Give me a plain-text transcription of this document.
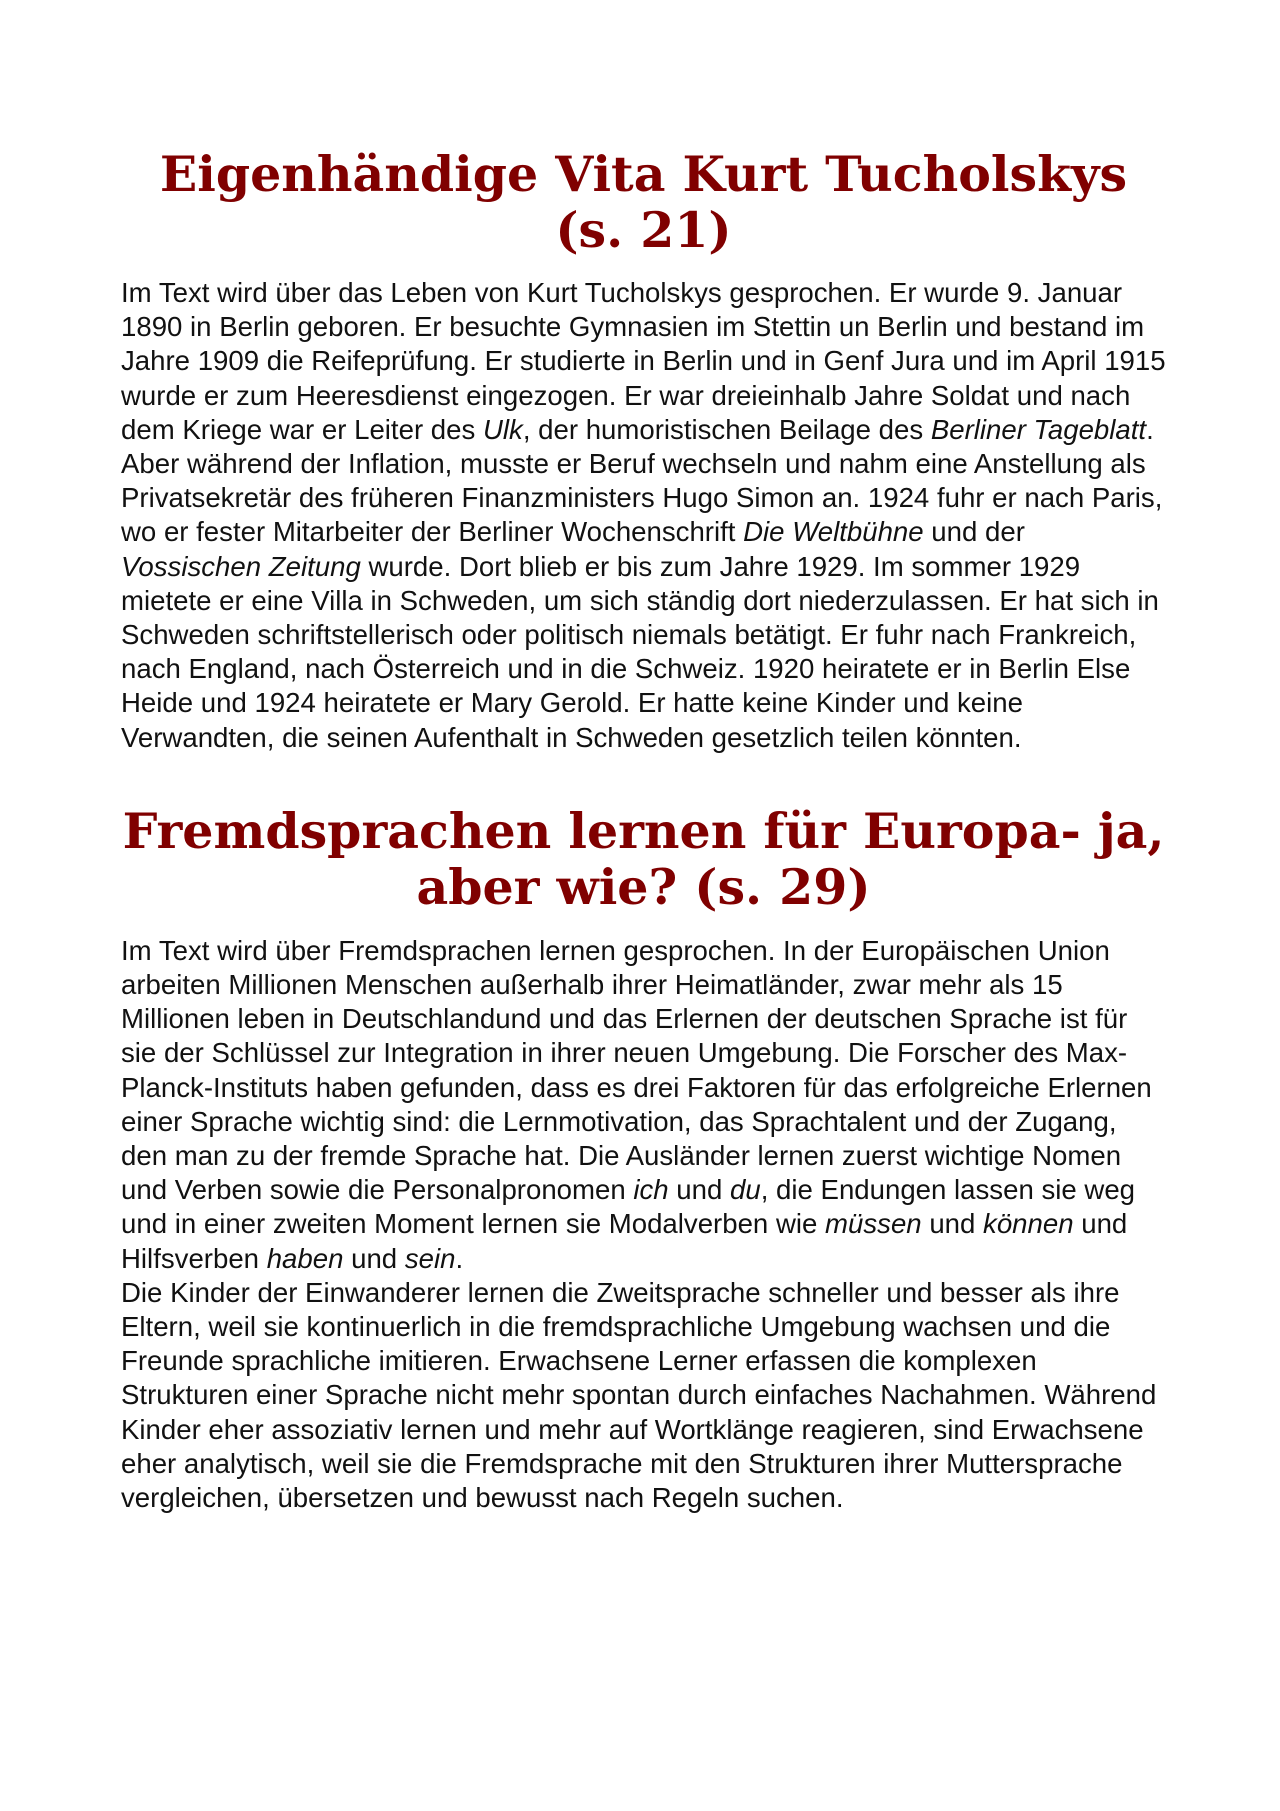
Eigenhändige Vita Kurt Tucholskys (s. 21)

Im Text wird über das Leben von Kurt Tucholskys gesprochen. Er wurde 9. Januar 1890 in Berlin geboren. Er besuchte Gymnasien im Stettin un Berlin und bestand im Jahre 1909 die Reifeprüfung. Er studierte in Berlin und in Genf Jura und im April 1915 wurde er zum Heeresdienst eingezogen. Er war dreieinhalb Jahre Soldat und nach dem Kriege war er Leiter des Ulk, der humoristischen Beilage des Berliner Tageblatt. Aber während der Inflation, musste er Beruf wechseln und nahm eine Anstellung als Privatsekretär des früheren Finanzministers Hugo Simon an. 1924 fuhr er nach Paris, wo er fester Mitarbeiter der Berliner Wochenschrift Die Weltbühne und der Vossischen Zeitung wurde. Dort blieb er bis zum Jahre 1929. Im sommer 1929 mietete er eine Villa in Schweden, um sich ständig dort niederzulassen. Er hat sich in Schweden schriftstellerisch oder politisch niemals betätigt. Er fuhr nach Frankreich, nach England, nach Österreich und in die Schweiz. 1920 heiratete er in Berlin Else Heide und 1924 heiratete er Mary Gerold. Er hatte keine Kinder und keine Verwandten, die seinen Aufenthalt in Schweden gesetzlich teilen könnten.

Fremdsprachen lernen für Europa- ja, aber wie? (s. 29)

Im Text wird über Fremdsprachen lernen gesprochen. In der Europäischen Union arbeiten Millionen Menschen außerhalb ihrer Heimatländer, zwar mehr als 15 Millionen leben in Deutschlandund und das Erlernen der deutschen Sprache ist für sie der Schlüssel zur Integration in ihrer neuen Umgebung. Die Forscher des Max-Planck-Instituts haben gefunden, dass es drei Faktoren für das erfolgreiche Erlernen einer Sprache wichtig sind: die Lernmotivation, das Sprachtalent und der Zugang, den man zu der fremde Sprache hat. Die Ausländer lernen zuerst wichtige Nomen und Verben sowie die Personalpronomen ich und du, die Endungen lassen sie weg und in einer zweiten Moment lernen sie Modalverben wie müssen und können und Hilfsverben haben und sein.

Die Kinder der Einwanderer lernen die Zweitsprache schneller und besser als ihre Eltern, weil sie kontinuerlich in die fremdsprachliche Umgebung wachsen und die Freunde sprachliche imitieren. Erwachsene Lerner erfassen die komplexen Strukturen einer Sprache nicht mehr spontan durch einfaches Nachahmen. Während Kinder eher assoziativ lernen und mehr auf Wortklänge reagieren, sind Erwachsene eher analytisch, weil sie die Fremdsprache mit den Strukturen ihrer Muttersprache vergleichen, übersetzen und bewusst nach Regeln suchen.
